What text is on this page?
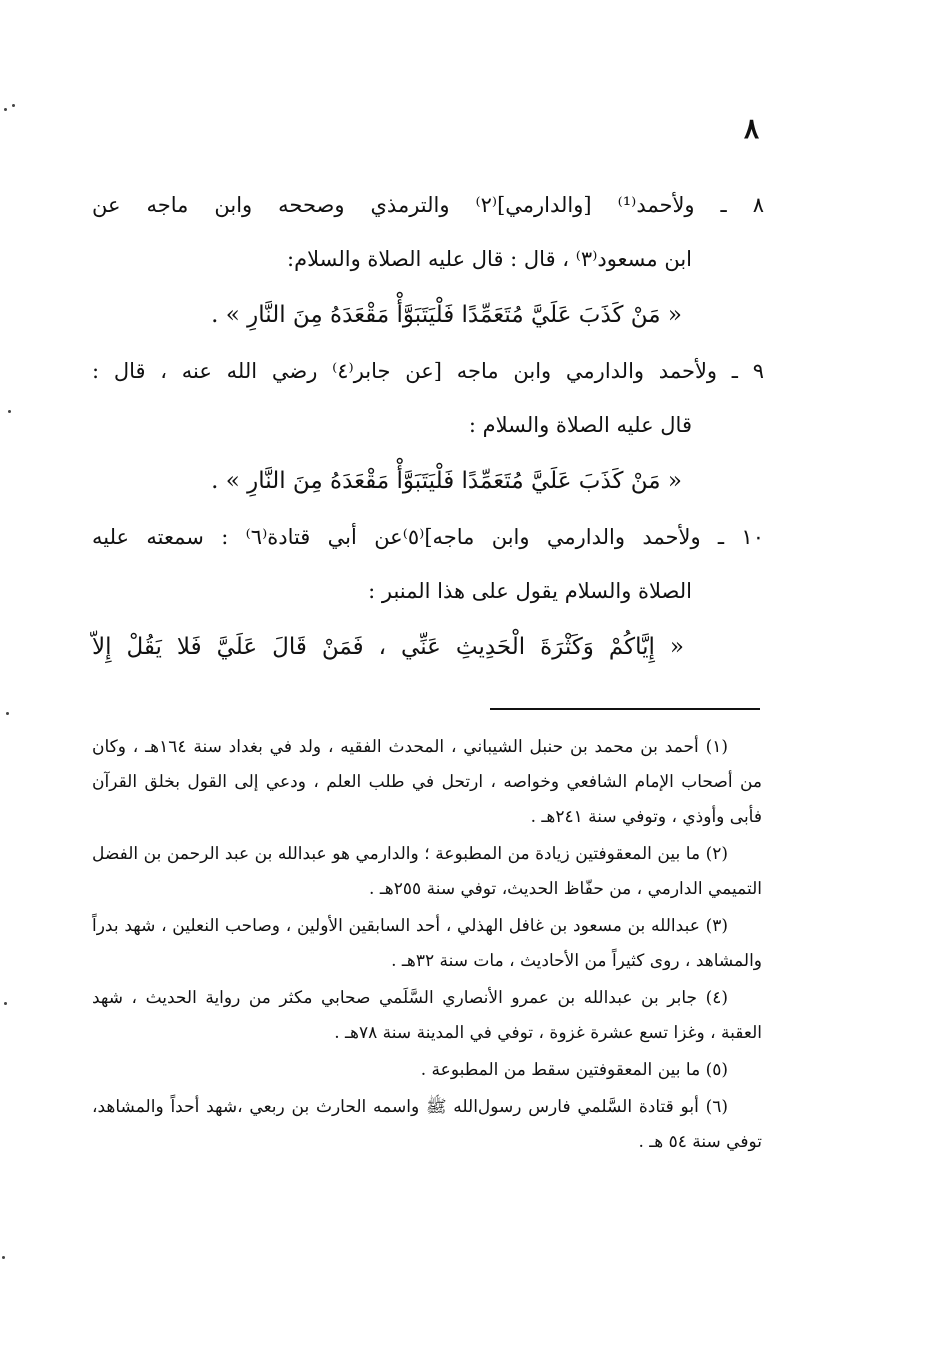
٨
٨ ـ ولأحمد⁽¹⁾ [والدارمي]⁽٢⁾ والترمذي وصححه وابن ماجه عن
ابن مسعود⁽٣⁾ ، قال : قال عليه الصلاة والسلام:
« مَنْ كَذَبَ عَلَيَّ مُتَعَمِّدًا فَلْيَتَبَوَّأْ مَقْعَدَهُ مِنَ النَّارِ » .
٩ ـ ولأحمد والدارمي وابن ماجه [عن جابر⁽٤⁾ رضي الله عنه ، قال :
قال عليه الصلاة والسلام :
« مَنْ كَذَبَ عَلَيَّ مُتَعَمِّدًا فَلْيَتَبَوَّأْ مَقْعَدَهُ مِنَ النَّارِ » .
١٠ ـ ولأحمد والدارمي وابن ماجه]⁽٥⁾عن أبي قتادة⁽٦⁾ : سمعته عليه
الصلاة والسلام يقول على هذا المنبر :
« إِيَّاكُمْ وَكَثْرَةَ الْحَدِيثِ عَنِّي ، فَمَنْ قَالَ عَلَيَّ فَلا يَقُلْ إِلاّ

(١) أحمد بن محمد بن حنبل الشيباني ، المحدث الفقيه ، ولد في بغداد سنة ١٦٤هـ ، وكان من أصحاب الإمام الشافعي وخواصه ، ارتحل في طلب العلم ، ودعي إلى القول بخلق القرآن فأبى وأوذي ، وتوفي سنة ٢٤١هـ .

(٢) ما بين المعقوفتين زيادة من المطبوعة ؛ والدارمي هو عبدالله بن عبد الرحمن بن الفضل التميمي الدارمي ، من حفّاظ الحديث، توفي سنة ٢٥٥هـ .

(٣) عبدالله بن مسعود بن غافل الهذلي ، أحد السابقين الأولين ، وصاحب النعلين ، شهد بدراً والمشاهد ، روى كثيراً من الأحاديث ، مات سنة ٣٢هـ .

(٤) جابر بن عبدالله بن عمرو الأنصاري السَّلَمي صحابي مكثر من رواية الحديث ، شهد العقبة ، وغزا تسع عشرة غزوة ، توفي في المدينة سنة ٧٨هـ .

(٥) ما بين المعقوفتين سقط من المطبوعة .

(٦) أبو قتادة السَّلمي فارس رسول‌الله ﷺ واسمه الحارث بن ربعي ،شهد أحداً والمشاهد، توفي سنة ٥٤ هـ .
